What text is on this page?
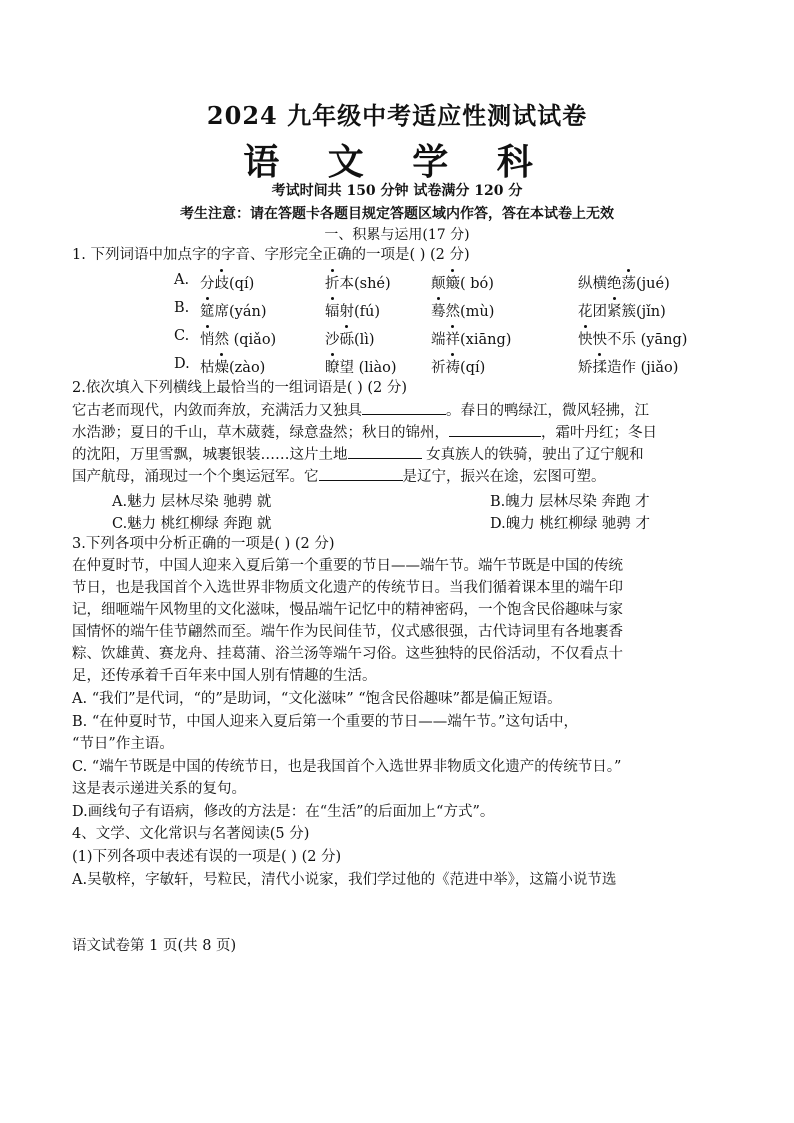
2024 九年级中考适应性测试试卷
语 文 学 科
考试时间共 150 分钟 试卷满分 120 分
考生注意：请在答题卡各题目规定答题区域内作答，答在本试卷上无效
一、积累与运用(17 分)
1. 下列词语中加点字的字音、字形完全正确的一项是( ) (2 分)
A. 分歧(qí)	折本(shé)	颠簸( bó)	纵横绝荡(jué)
B. 筵席(yán)	辐射(fú)	蓦然(mù)	花团紧簇(jǐn)
C. 悄然 (qiǎo)	沙砾(lì)	端祥(xiāng)	怏怏不乐 (yāng)
D. 枯燥(zào)	瞭望 (liào) 祈祷(qí)	矫揉造作 (jiǎo)
2.依次填入下列横线上最恰当的一组词语是( ) (2 分)
它古老而现代，内敛而奔放，充满活力又独具	。春日的鸭绿江，微风轻拂，江
水浩渺；夏日的千山，草木葳蕤，绿意盎然；秋日的锦州，	，霜叶丹红；冬日
的沈阳，万里雪飘，城裹银装……这片土地	女真族人的铁骑，驶出了辽宁舰和
国产航母，涌现过一个个奥运冠军。它	是辽宁，振兴在途，宏图可塑。
A.魅力 层林尽染 驰骋 就	B.魄力 层林尽染 奔跑 才
C.魅力 桃红柳绿 奔跑 就	D.魄力 桃红柳绿 驰骋 才
3.下列各项中分析正确的一项是( ) (2 分)
在仲夏时节，中国人迎来入夏后第一个重要的节日——端午节。端午节既是中国的传统
节日，也是我国首个入选世界非物质文化遗产的传统节日。当我们循着课本里的端午印
记，细咂端午风物里的文化滋味，慢品端午记忆中的精神密码，一个饱含民俗趣味与家
国情怀的端午佳节翩然而至。端午作为民间佳节，仪式感很强，古代诗词里有各地裹香
粽、饮雄黄、赛龙舟、挂葛蒲、浴兰汤等端午习俗。这些独特的民俗活动，不仅看点十
足，还传承着千百年来中国人别有情趣的生活。
A. “我们”是代词，“的”是助词，“文化滋味” “饱含民俗趣味”都是偏正短语。
B. “在仲夏时节，中国人迎来入夏后第一个重要的节日——端午节。”这句话中，
“节日”作主语。
C. “端午节既是中国的传统节日，也是我国首个入选世界非物质文化遗产的传统节日。”
这是表示递进关系的复句。
D.画线句子有语病，修改的方法是：在“生活”的后面加上“方式”。
4、文学、文化常识与名著阅读(5 分)
(1)下列各项中表述有误的一项是( ) (2 分)
A.吴敬梓，字敏轩，号粒民，清代小说家，我们学过他的《范进中举》，这篇小说节选
语文试卷第 1 页(共 8 页)
